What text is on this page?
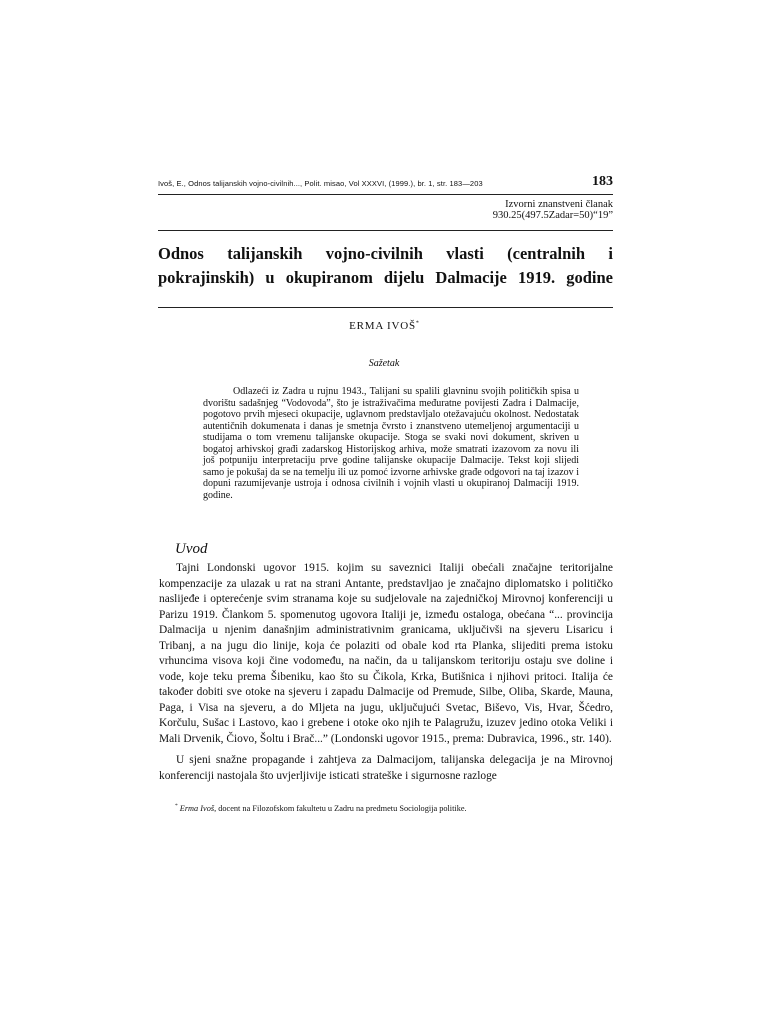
Ivoš, E., Odnos talijanskih vojno-civilnih..., Polit. misao, Vol XXXVI, (1999.), br. 1, str. 183—203	183
Izvorni znanstveni članak
930.25(497.5Zadar=50)“19”
Odnos talijanskih vojno-civilnih vlasti (centralnih i pokrajinskih) u okupiranom dijelu Dalmacije 1919. godine
ERMA IVOŠ*
Sažetak
Odlazeći iz Zadra u rujnu 1943., Talijani su spalili glavninu svojih političkih spisa u dvorištu sadašnjeg “Vodovoda”, što je istraživačima međuratne povijesti Zadra i Dalmacije, pogotovo prvih mjeseci okupacije, uglavnom predstavljalo otežavajuću okolnost. Nedostatak autentičnih dokumenata i danas je smetnja čvrsto i znanstveno utemeljenoj argumentaciji u studijama o tom vremenu talijanske okupacije. Stoga se svaki novi dokument, skriven u bogatoj arhivskoj građi zadarskog Historijskog arhiva, može smatrati izazovom za novu ili još potpuniju interpretaciju prve godine talijanske okupacije Dalmacije. Tekst koji slijedi samo je pokušaj da se na temelju ili uz pomoć izvorne arhivske građe odgovori na taj izazov i dopuni razumijevanje ustroja i odnosa civilnih i vojnih vlasti u okupiranoj Dalmaciji 1919. godine.
Uvod

Tajni Londonski ugovor 1915. kojim su saveznici Italiji obećali značajne teritorijalne kompenzacije za ulazak u rat na strani Antante, predstavljao je značajno diplomatsko i političko naslijeđe i opterećenje svim stranama koje su sudjelovale na zajedničkoj Mirovnoj konferenciji u Parizu 1919. Člankom 5. spomenutog ugovora Italiji je, između ostaloga, obećana “... provincija Dalmacija u njenim današnjim administrativnim granicama, uključivši na sjeveru Lisaricu i Tribanj, a na jugu dio linije, koja će polaziti od obale kod rta Planka, slijediti prema istoku vrhuncima visova koji čine vodomeđu, na način, da u talijanskom teritoriju ostaju sve doline i vode, koje teku prema Šibeniku, kao što su Čikola, Krka, Butišnica i njihovi pritoci. Italija će također dobiti sve otoke na sjeveru i zapadu Dalmacije od Premude, Silbe, Oliba, Skarde, Mauna, Paga, i Visa na sjeveru, a do Mljeta na jugu, uključujući Svetac, Biševo, Vis, Hvar, Šćedro, Korčulu, Sušac i Lastovo, kao i grebene i otoke oko njih te Palagružu, izuzev jedino otoka Veliki i Mali Drvenik, Čiovo, Šoltu i Brač...” (Londonski ugovor 1915., prema: Dubravica, 1996., str. 140).

U sjeni snažne propagande i zahtjeva za Dalmacijom, talijanska delegacija je na Mirovnoj konferenciji nastojala što uvjerljivije isticati strateške i sigurnosne razloge

* Erma Ivoš, docent na Filozofskom fakultetu u Zadru na predmetu Sociologija politike.
